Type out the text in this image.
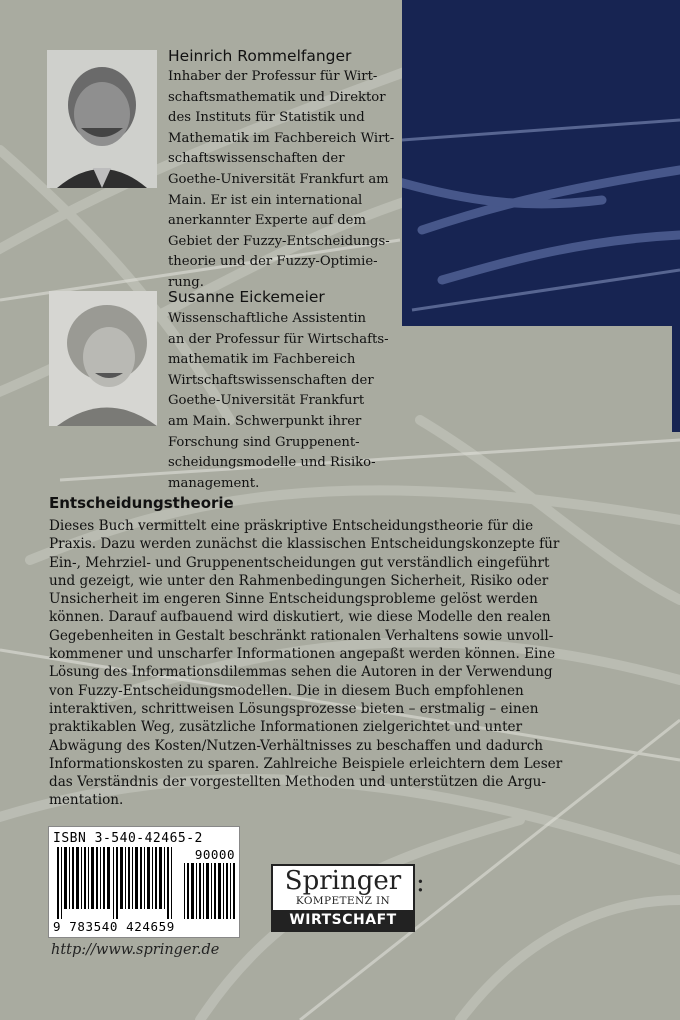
Heinrich Rommelfanger
Inhaber der Professur für Wirt-
schaftsmathematik und Direktor
des Instituts für Statistik und
Mathematik im Fachbereich Wirt-
schaftswissenschaften der
Goethe-Universität Frankfurt am
Main. Er ist ein international
anerkannter Experte auf dem
Gebiet der Fuzzy-Entscheidungs-
theorie und der Fuzzy-Optimie-
rung.
Susanne Eickemeier
Wissenschaftliche Assistentin
an der Professur für Wirtschafts-
mathematik im Fachbereich
Wirtschaftswissenschaften der
Goethe-Universität Frankfurt
am Main. Schwerpunkt ihrer
Forschung sind Gruppenent-
scheidungsmodelle und Risiko-
management.
Entscheidungstheorie
Dieses Buch vermittelt eine präskriptive Entscheidungstheorie für die
Praxis. Dazu werden zunächst die klassischen Entscheidungskonzepte für
Ein-, Mehrziel- und Gruppenentscheidungen gut verständlich eingeführt
und gezeigt, wie unter den Rahmenbedingungen Sicherheit, Risiko oder
Unsicherheit im engeren Sinne Entscheidungsprobleme gelöst werden
können. Darauf aufbauend wird diskutiert, wie diese Modelle den realen
Gegebenheiten in Gestalt beschränkt rationalen Verhaltens sowie unvoll-
kommener und unscharfer Informationen angepaßt werden können. Eine
Lösung des Informationsdilemmas sehen die Autoren in der Verwendung
von Fuzzy-Entscheidungsmodellen. Die in diesem Buch empfohlenen
interaktiven, schrittweisen Lösungsprozesse bieten – erstmalig – einen
praktikablen Weg, zusätzliche Informationen zielgerichtet und unter
Abwägung des Kosten/Nutzen-Verhältnisses zu beschaffen und dadurch
Informationskosten zu sparen. Zahlreiche Beispiele erleichtern dem Leser
das Verständnis der vorgestellten Methoden und unterstützen die Argu-
mentation.
ISBN 3-540-42465-2
90000
9 783540 424659
Springer
KOMPETENZ IN
WIRTSCHAFT
:
http://www.springer.de
